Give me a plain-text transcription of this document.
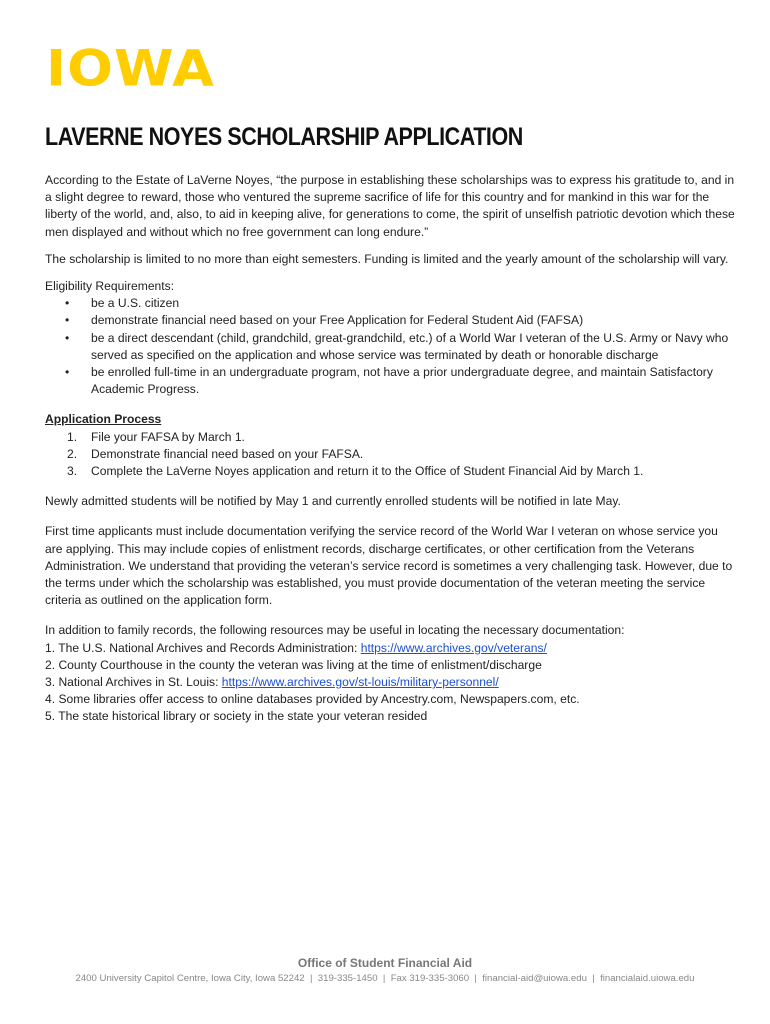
IOWA
LAVERNE NOYES SCHOLARSHIP APPLICATION

According to the Estate of LaVerne Noyes, “the purpose in establishing these scholarships was to express his gratitude to, and in a slight degree to reward, those who ventured the supreme sacrifice of life for this country and for mankind in this war for the liberty of the world, and, also, to aid in keeping alive, for generations to come, the spirit of unselfish patriotic devotion which these men displayed and without which no free government can long endure.”

The scholarship is limited to no more than eight semesters. Funding is limited and the yearly amount of the scholarship will vary.

Eligibility Requirements:

• be a U.S. citizen
• demonstrate financial need based on your Free Application for Federal Student Aid (FAFSA)
• be a direct descendant (child, grandchild, great-grandchild, etc.) of a World War I veteran of the U.S. Army or Navy who served as specified on the application and whose service was terminated by death or honorable discharge
• be enrolled full-time in an undergraduate program, not have a prior undergraduate degree, and maintain Satisfactory Academic Progress.

Application Process

1. File your FAFSA by March 1.
2. Demonstrate financial need based on your FAFSA.
3. Complete the LaVerne Noyes application and return it to the Office of Student Financial Aid by March 1.

Newly admitted students will be notified by May 1 and currently enrolled students will be notified in late May.

First time applicants must include documentation verifying the service record of the World War I veteran on whose service you are applying. This may include copies of enlistment records, discharge certificates, or other certification from the Veterans Administration. We understand that providing the veteran’s service record is sometimes a very challenging task. However, due to the terms under which the scholarship was established, you must provide documentation of the veteran meeting the service criteria as outlined on the application form.

In addition to family records, the following resources may be useful in locating the necessary documentation:

1. The U.S. National Archives and Records Administration: https://www.archives.gov/veterans/

2. County Courthouse in the county the veteran was living at the time of enlistment/discharge

3. National Archives in St. Louis: https://www.archives.gov/st-louis/military-personnel/

4. Some libraries offer access to online databases provided by Ancestry.com, Newspapers.com, etc.

5. The state historical library or society in the state your veteran resided

Office of Student Financial Aid
2400 University Capitol Centre, Iowa City, Iowa 52242  |  319-335-1450  |  Fax 319-335-3060  |  financial-aid@uiowa.edu  |  financialaid.uiowa.edu
